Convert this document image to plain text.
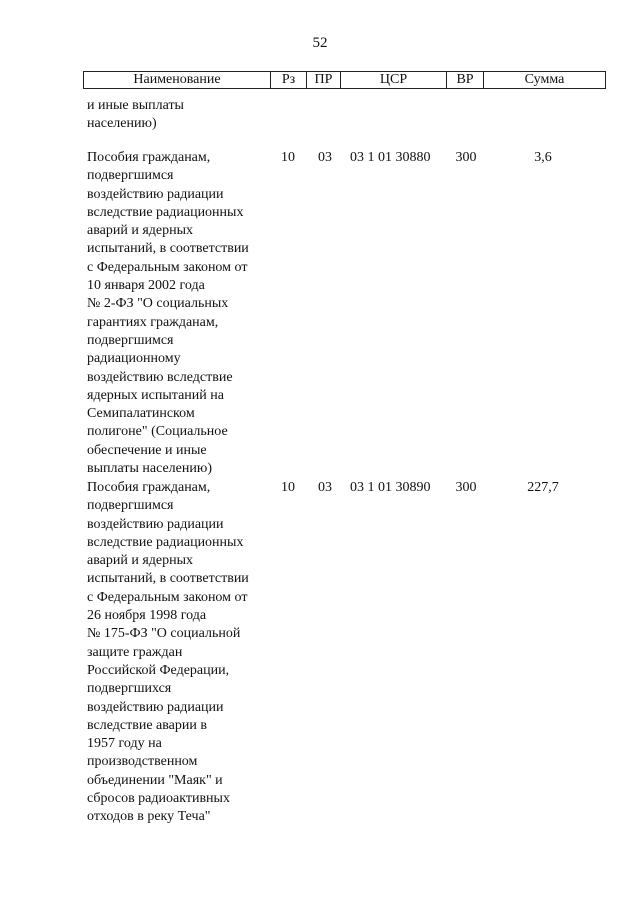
52
Наименование	Рз	ПР	ЦСР	ВР	Сумма
и иные выплаты
населению)
Пособия гражданам,
подвергшимся
воздействию радиации
вследствие радиационных
аварий и ядерных
испытаний, в соответствии
с Федеральным законом от
10 января 2002 года
№ 2-ФЗ "О социальных
гарантиях гражданам,
подвергшимся
радиационному
воздействию вследствие
ядерных испытаний на
Семипалатинском
полигоне" (Социальное
обеспечение и иные
выплаты населению)
10	03	03 1 01 30880	300	3,6
Пособия гражданам,
подвергшимся
воздействию радиации
вследствие радиационных
аварий и ядерных
испытаний, в соответствии
с Федеральным законом от
26 ноября 1998 года
№ 175-ФЗ "О социальной
защите граждан
Российской Федерации,
подвергшихся
воздействию радиации
вследствие аварии в
1957 году на
производственном
объединении "Маяк" и
сбросов радиоактивных
отходов в реку Теча"
10	03	03 1 01 30890	300	227,7
